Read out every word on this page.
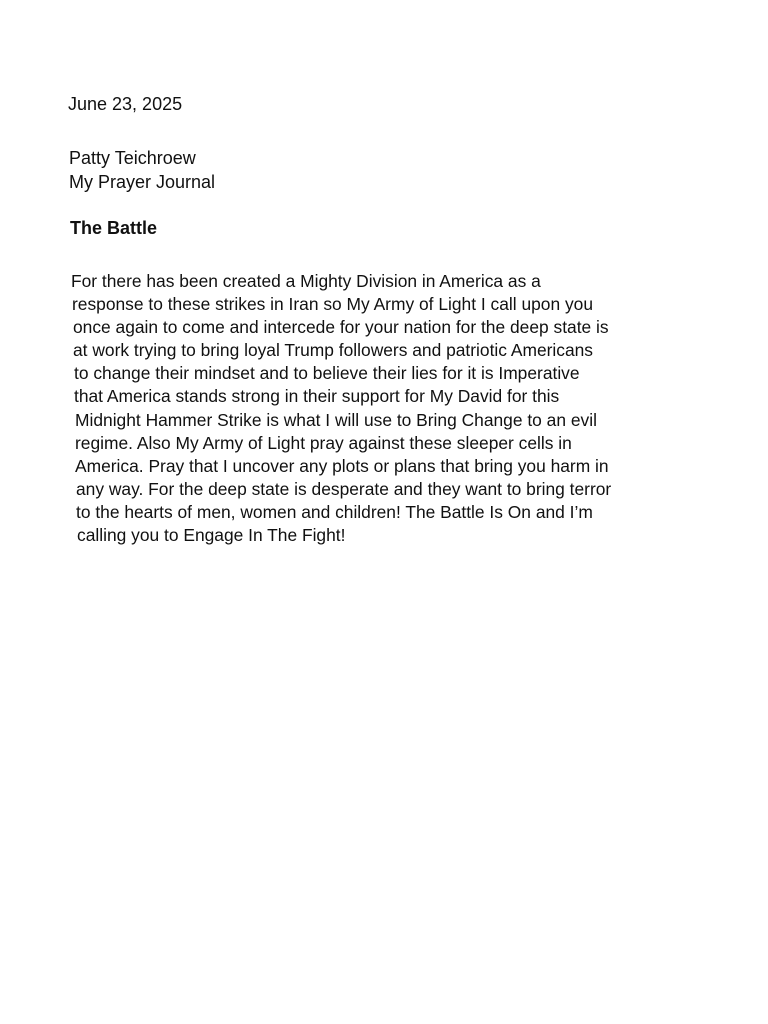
June 23, 2025
Patty Teichroew
My Prayer Journal
The Battle
For there has been created a Mighty Division in America as a
response to these strikes in Iran so My Army of Light I call upon you
once again to come and intercede for your nation for the deep state is
at work trying to bring loyal Trump followers and patriotic Americans
to change their mindset and to believe their lies for it is Imperative
that America stands strong in their support for My David for this
Midnight Hammer Strike is what I will use to Bring Change to an evil
regime. Also My Army of Light pray against these sleeper cells in
America. Pray that I uncover any plots or plans that bring you harm in
any way. For the deep state is desperate and they want to bring terror
to the hearts of men, women and children! The Battle Is On and I’m
calling you to Engage In The Fight!
